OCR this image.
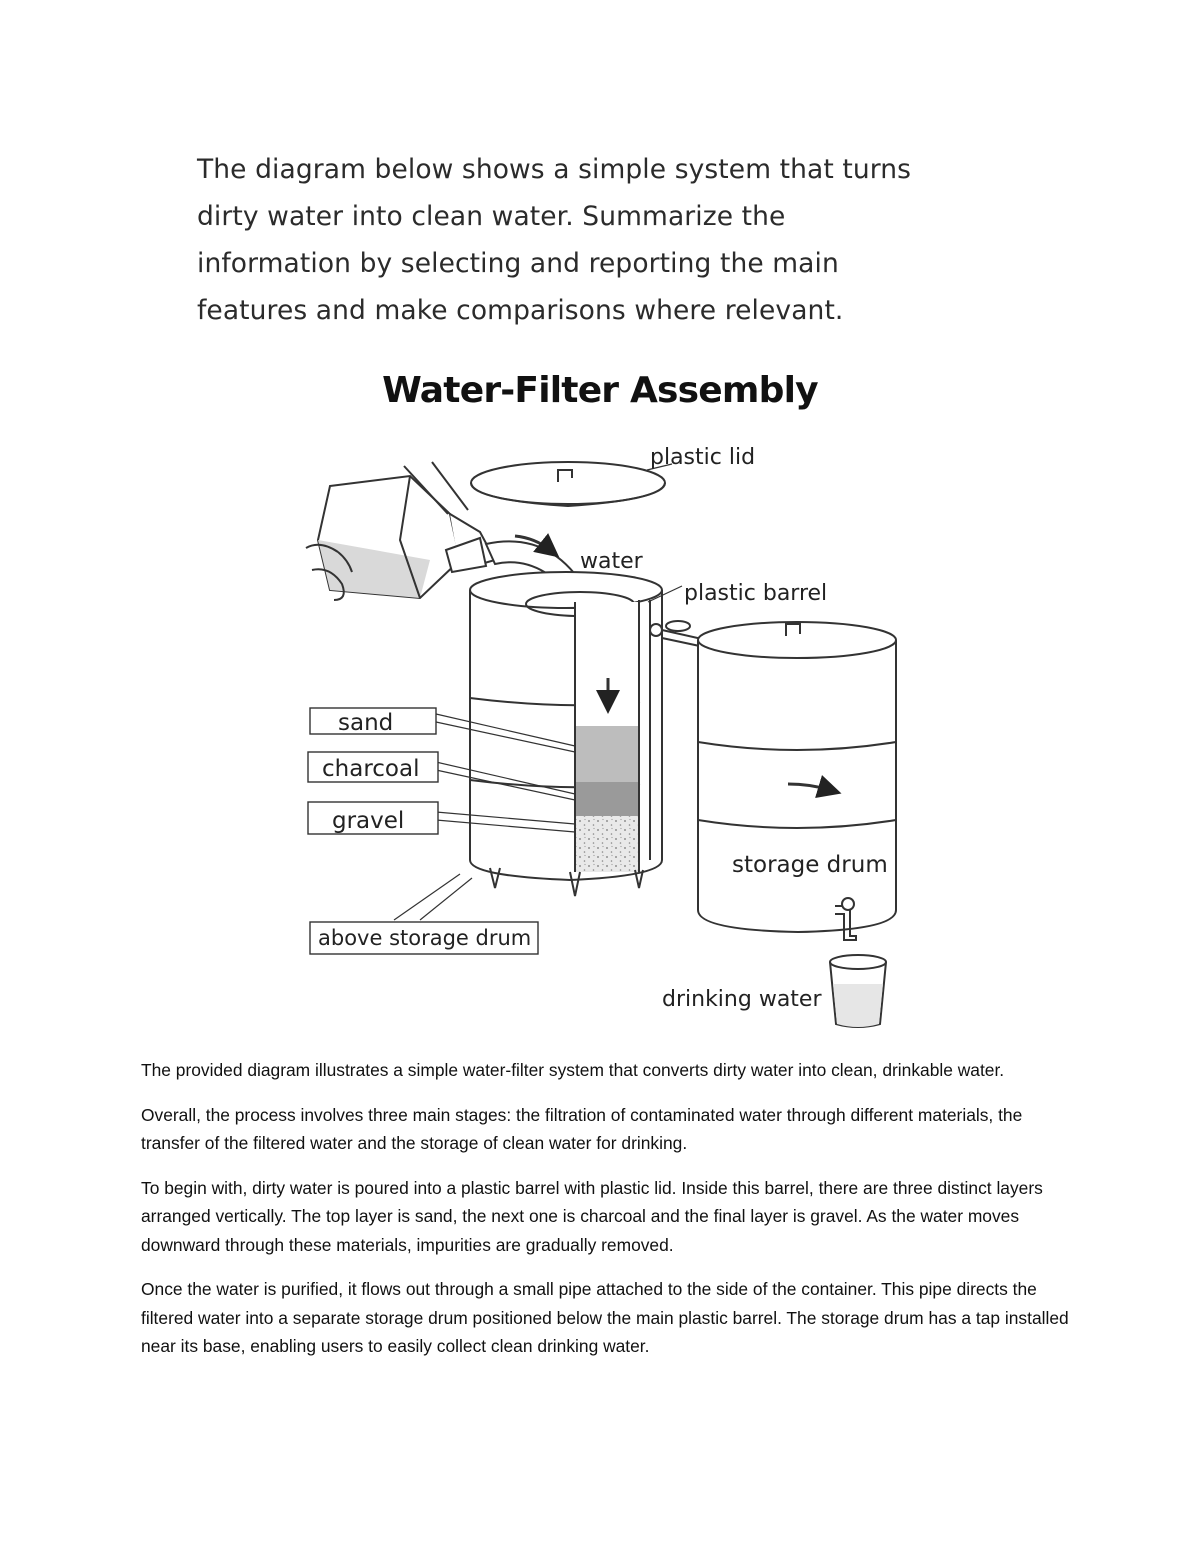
The diagram below shows a simple system that turns
dirty water into clean water. Summarize the
information by selecting and reporting the main
features and make comparisons where relevant.
Water-Filter Assembly
plastic lid
water
plastic barrel
sand
charcoal
gravel
storage drum
above storage drum
drinking water

The provided diagram illustrates a simple water-filter system that converts dirty water into clean, drinkable water.

Overall, the process involves three main stages: the filtration of contaminated water through different materials, the transfer of the filtered water and the storage of clean water for drinking.

To begin with, dirty water is poured into a plastic barrel with plastic lid. Inside this barrel, there are three distinct layers arranged vertically. The top layer is sand, the next one is charcoal and the final layer is gravel. As the water moves downward through these materials, impurities are gradually removed.

Once the water is purified, it flows out through a small pipe attached to the side of the container. This pipe directs the filtered water into a separate storage drum positioned below the main plastic barrel. The storage drum has a tap installed near its base, enabling users to easily collect clean drinking water.
